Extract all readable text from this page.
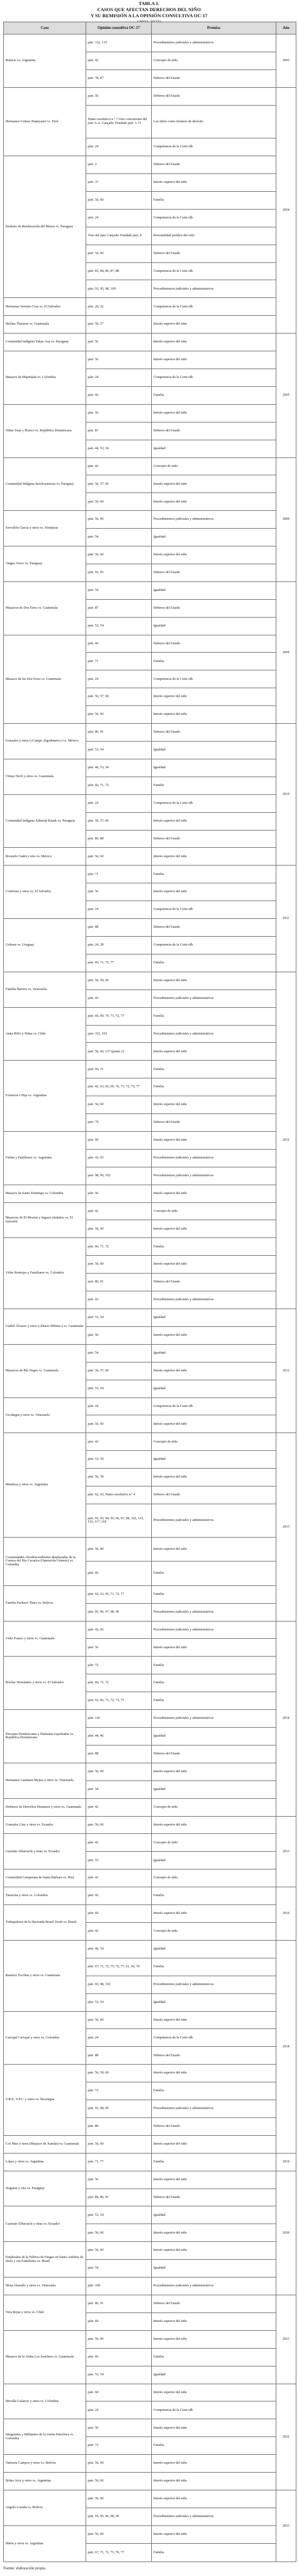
TABLA 1.
CASOS QUE AFECTAN DERECHOS DEL NIÑO
Y SU REMISIÓN A LA OPINIÓN CONSULTIVA OC-17
Caso	Opinión consultiva OC-17	Premisa	Año
Bulacio vs. Argentina	párr. 132, 133	Procedimientos judiciales y administrativos	2003
	párr. 42	Concepto de niño	
	párr. 78, 87	Deberes del Estado	
Hermanos Gómez Paquiyauri vs. Perú	párr. 56	Deberes del Estado	2004
	Punto resolutivo n.º 1 Voto concurrente del juez A.A. Cançado Trindade párr. 1-71	Los niños como titulares de derecho	
	párr. 24	Competencia de la Corte idh	
Instituto de Reeducación del Menor vs. Paraguay	párr. 2	Deberes del Estado	
	párr. 37	Interés superior del niño	
	párr. 56, 60	Familia	
	párr. 24	Competencia de la Corte idh	
	Voto del juez Cançado Trindade párr. 8	Personalidad jurídica del niño	
	párr. 56, 60	Deberes del Estado	
	párr. 83, 84, 86, 87, 88	Competencia de la Corte idh	
	párr. 93, 95, 98, 109	Procedimientos judiciales y administrativos	
Hermanas Serrano Cruz vs. El Salvador	párr. 20, 22	Competencia de la Corte idh	
Molina Theissen vs. Guatemala	párr. 56, 57	Interés superior del niño	
Comunidad Indígena Yakye Axa vs. Paraguay	párr. 56	Interés superior del niño	2005
Masacre de Mapiripán vs. Colombia	párr. 56	Interés superior del niño	
	párr. 24	Competencia de la Corte idh	
	párr. 66	Familia	
Niñas Yean y Bosico vs. República Dominicana	párr. 56	Interés superior del niño	
	párr. 87	Deberes del Estado	
	párr. 44, 53, 54	Igualdad	
Comunidad Indígena Sawhoyamaxa vs. Paraguay	párr. 42	Concepto de niño	2006
	párr. 56, 57, 60	Interés superior del niño	
	párr. 56, 60	Interés superior del niño	
Servellón García y otros vs. Honduras	párr. 56, 60	Procedimientos judiciales y administrativos	
	párr. 54	Igualdad	
Vargas Areco vs. Paraguay	párr. 56, 60	Interés superior del niño	
	párr. 93, 95	Deberes del Estado	
Masacres de Dos Erres vs. Guatemala	párr. 54	Igualdad	2009
	párr. 87	Deberes del Estado	
	párr. 53, 54	Igualdad	
Masacre de las Dos Erres vs. Guatemala	párr. 66	Deberes del Estado	
	párr. 71	Familia	
	párr. 24	Competencia de la Corte idh	
	párr. 56, 57, 60	Interés superior del niño	
	párr. 56, 60	Interés superior del niño	
Gonzales y otros («Campo Algodonero») vs. México	párr. 86, 91	Deberes del Estado	2010
	párr. 53, 54	Igualdad	
Chitay Nech y otros vs. Guatemala	párr. 46, 53, 54	Igualdad	
	párr. 66, 71, 72	Familia	
Comunidad Indígena Xákmok Kásek vs. Paraguay	párr. 24	Competencia de la Corte idh	
	párr. 56, 57, 60	Interés superior del niño	
	párr. 86, 88	Deberes del Estado	
Rosendo Cantú y otra vs. México	párr. 56, 60	Interés superior del niño	
Contreras y otros vs. El Salvador	párr. 71	Familia	2011
	párr. 56	Interés superior del niño	
	párr. 24	Competencia de la Corte idh	
Gelman vs. Uruguay	párr. 88	Deberes del Estado	
	párr. 24, 28	Competencia de la Corte idh	
	párr. 66, 71, 72, 77	Familia	
Familia Barrios vs. Venezuela	párr. 56, 59, 60	Interés superior del niño	2012
	párr. 93	Procedimientos judiciales y administrativos	
Atala Riffo y Niñas vs. Chile	párr. 66, 69, 70, 71, 72, 77	Familia	
	párr. 101, 102	Procedimientos judiciales y administrativos	
	párr. 56, 60, 137 (punto 2)	Interés superior del niño	
Forneron e Hija vs. Argentina	párr. 66, 71	Familia	
	párr. 42, 63, 66, 69, 70, 71, 72, 75, 77	Familia	
	párr. 56, 60	Interés superior del niño	
	párr. 79	Deberes del Estado	
Furlan y Familiares vs. Argentina	párr. 60	Interés superior del niño	
	párr. 42, 63	Procedimientos judiciales y administrativos	
	párr. 98, 99, 102	Procedimientos judiciales y administrativos	
Masacre de Santo Domingo vs. Colombia	párr. 56	Interés superior del niño	
Masacres de El Mozote y lugares aledaños vs. El Salvador	párr. 42	Concepto de niño	
	párr. 56, 60	Interés superior del niño	
Vélez Restrepo y Familiares vs. Colombia	párr. 66, 71, 72	Familia	
	párr. 56, 60	Interés superior del niño	
	párr. 86, 91	Deberes del Estado	
	párr. 93	Procedimientos judiciales y administrativos	
Gudiel Álvarez y otros («Diario Militar») vs. Guatemala	párr. 53, 54	Igualdad	2012
	párr. 56	Interés superior del niño	
Masacres de Río Negro vs. Guatemala	párr. 54	Igualdad	
	párr. 56, 57, 60	Interés superior del niño	
	párr. 53, 54	Igualdad	
Uzcátegui y otros vs. Venezuela	párr. 24	Competencia de la Corte idh	
	párr. 56, 60	Interés superior del niño	
Mendoza y otros vs. Argentina	párr. 42	Concepto de niño	2013
	párr. 53, 54	Igualdad	
	párr. 56, 59	Interés superior del niño	
	párr. 62, 63; Punto resolutivo n.º 4	Deberes del Estado	
	párr. 93, 95, 94, 95, 96, 97, 98, 102, 115, 116, 117, 118	Procedimientos judiciales y administrativos	
Comunidades Afrodescendientes desplazadas de la Cuenca del Río Cacarica (Operación Génesis) vs. Colombia	párr. 56, 60	Interés superior del niño	
	párr. 66	Familia	
Familia Pacheco Tineo vs. Bolivia	párr. 62, 63, 66, 71, 72, 77	Familia	
	párr. 93, 96, 97, 98, 99	Procedimientos judiciales y administrativos	
Véliz Franco y otros vs. Guatemala	párr. 42, 66	Procedimientos judiciales y administrativos	2014
	párr. 56	Interés superior del niño	
Rochac Hernández y otros vs. El Salvador	párr. 72	Familia	
	párr. 66, 71, 72	Familia	
	párr. 62, 66, 71, 72, 73, 75	Familia	
Personas Dominicanas y Haitianas expulsadas vs. República Dominicana	párr. 110	Procedimientos judiciales y administrativos	
	párr. 44, 46	Igualdad	
	párr. 88	Deberes del Estado	
Hermanos Landaeta Mejías y otros vs. Venezuela	párr. 56, 60	Interés superior del niño	
	párr. 54	Igualdad	
Defensor de Derechos Humanos y otros vs. Guatemala	párr. 42	Concepto de niño	
Gonzales Lluy y otros vs. Ecuador	párr. 56, 60	Interés superior del niño	2015
Guzmán Albarracín y otras vs. Ecuador	párr. 42	Concepto de niño	
	párr. 53	Igualdad	
Comunidad Campesina de Santa Bárbara vs. Perú	párr. 42	Concepto de niño	
Tarazona y otros vs. Colombia	párr. 66	Familia	2016
Trabajadores de la Hacienda Brasil Verde vs. Brasil	párr. 60	Interés superior del niño	
	párr. 42	Concepto de niño	
Ramírez Escobar y otros vs. Guatemala	párr. 46, 54	Igualdad	2018
	párr. 67, 71, 72, 75, 76, 77, 61, 66, 70	Familia	
	párr. 93, 98, 102	Procedimientos judiciales y administrativos	
	párr. 53, 54	Igualdad	
Carvajal Carvajal y otros vs. Colombia	párr. 56, 60	Interés superior del niño	
	párr. 24	Competencia de la Corte idh	
	párr. 88	Deberes del Estado	
V.R.P., V.P.C. y otros vs. Nicaragua	párr. 56, 59, 60	Interés superior del niño	
	párr. 72	Familia	
	párr. 93, 98, 99	Procedimientos judiciales y administrativos	
	párr. 86	Deberes del Estado	
Coc Max y otros (Masacre de Xamán) vs. Guatemala	párr. 56, 60	Interés superior del niño	
López y otros vs. Argentina	párr. 71, 77	Familia	2019
Noguera y otra vs. Paraguay	párr. 56	Interés superior del niño	2020
	párr. 84, 86, 91	Deberes del Estado	
Guzmán Albarracín y otras vs. Ecuador	párr. 53, 54	Igualdad	
	párr. 56, 60	Interés superior del niño	
Empleados de la Fábrica de Fuegos en Santo Antônio de Jesus y sus Familiares vs. Brasil	párr. 56, 60	Interés superior del niño	
	párr. 54	Igualdad	
Mota Abarullo y otros vs. Venezuela	párr. 109	Procedimientos judiciales y administrativos	
Vera Rojas y otros vs. Chile	párr. 86, 91	Deberes del Estado	2021
	párr. 60	Interés superior del niño	
Masacre de la Aldea Los Josefinos vs. Guatemala	párr. 56, 60	Interés superior del niño	
	párr. 66	Familia	
	párr. 53, 54	Igualdad	
Movilla Galarcio y otros vs. Colombia	párr. 60	Interés superior del niño	2022
	párr. 24	Competencia de la Corte idh	
Integrantes y Militantes de la Unión Patriótica vs. Colombia	párr. 56	Interés superior del niño	
	párr. 72	Familia	
Valencia Campos y otros vs. Bolivia	párr. 56, 60	Interés superior del niño	
Brítez Arce y otros vs. Argentina	párr. 56, 60	Interés superior del niño	
Angulo Losada vs. Bolivia	párr. 56, 60	Interés superior del niño	2023
	párr. 93, 95, 96, 98, 99	Procedimientos judiciales y administrativos	
María y otros vs. Argentina	párr. 56, 60	Interés superior del niño	
	párr. 67, 71, 72, 73, 76, 77	Familia	
Fuente: elaboración propia.
